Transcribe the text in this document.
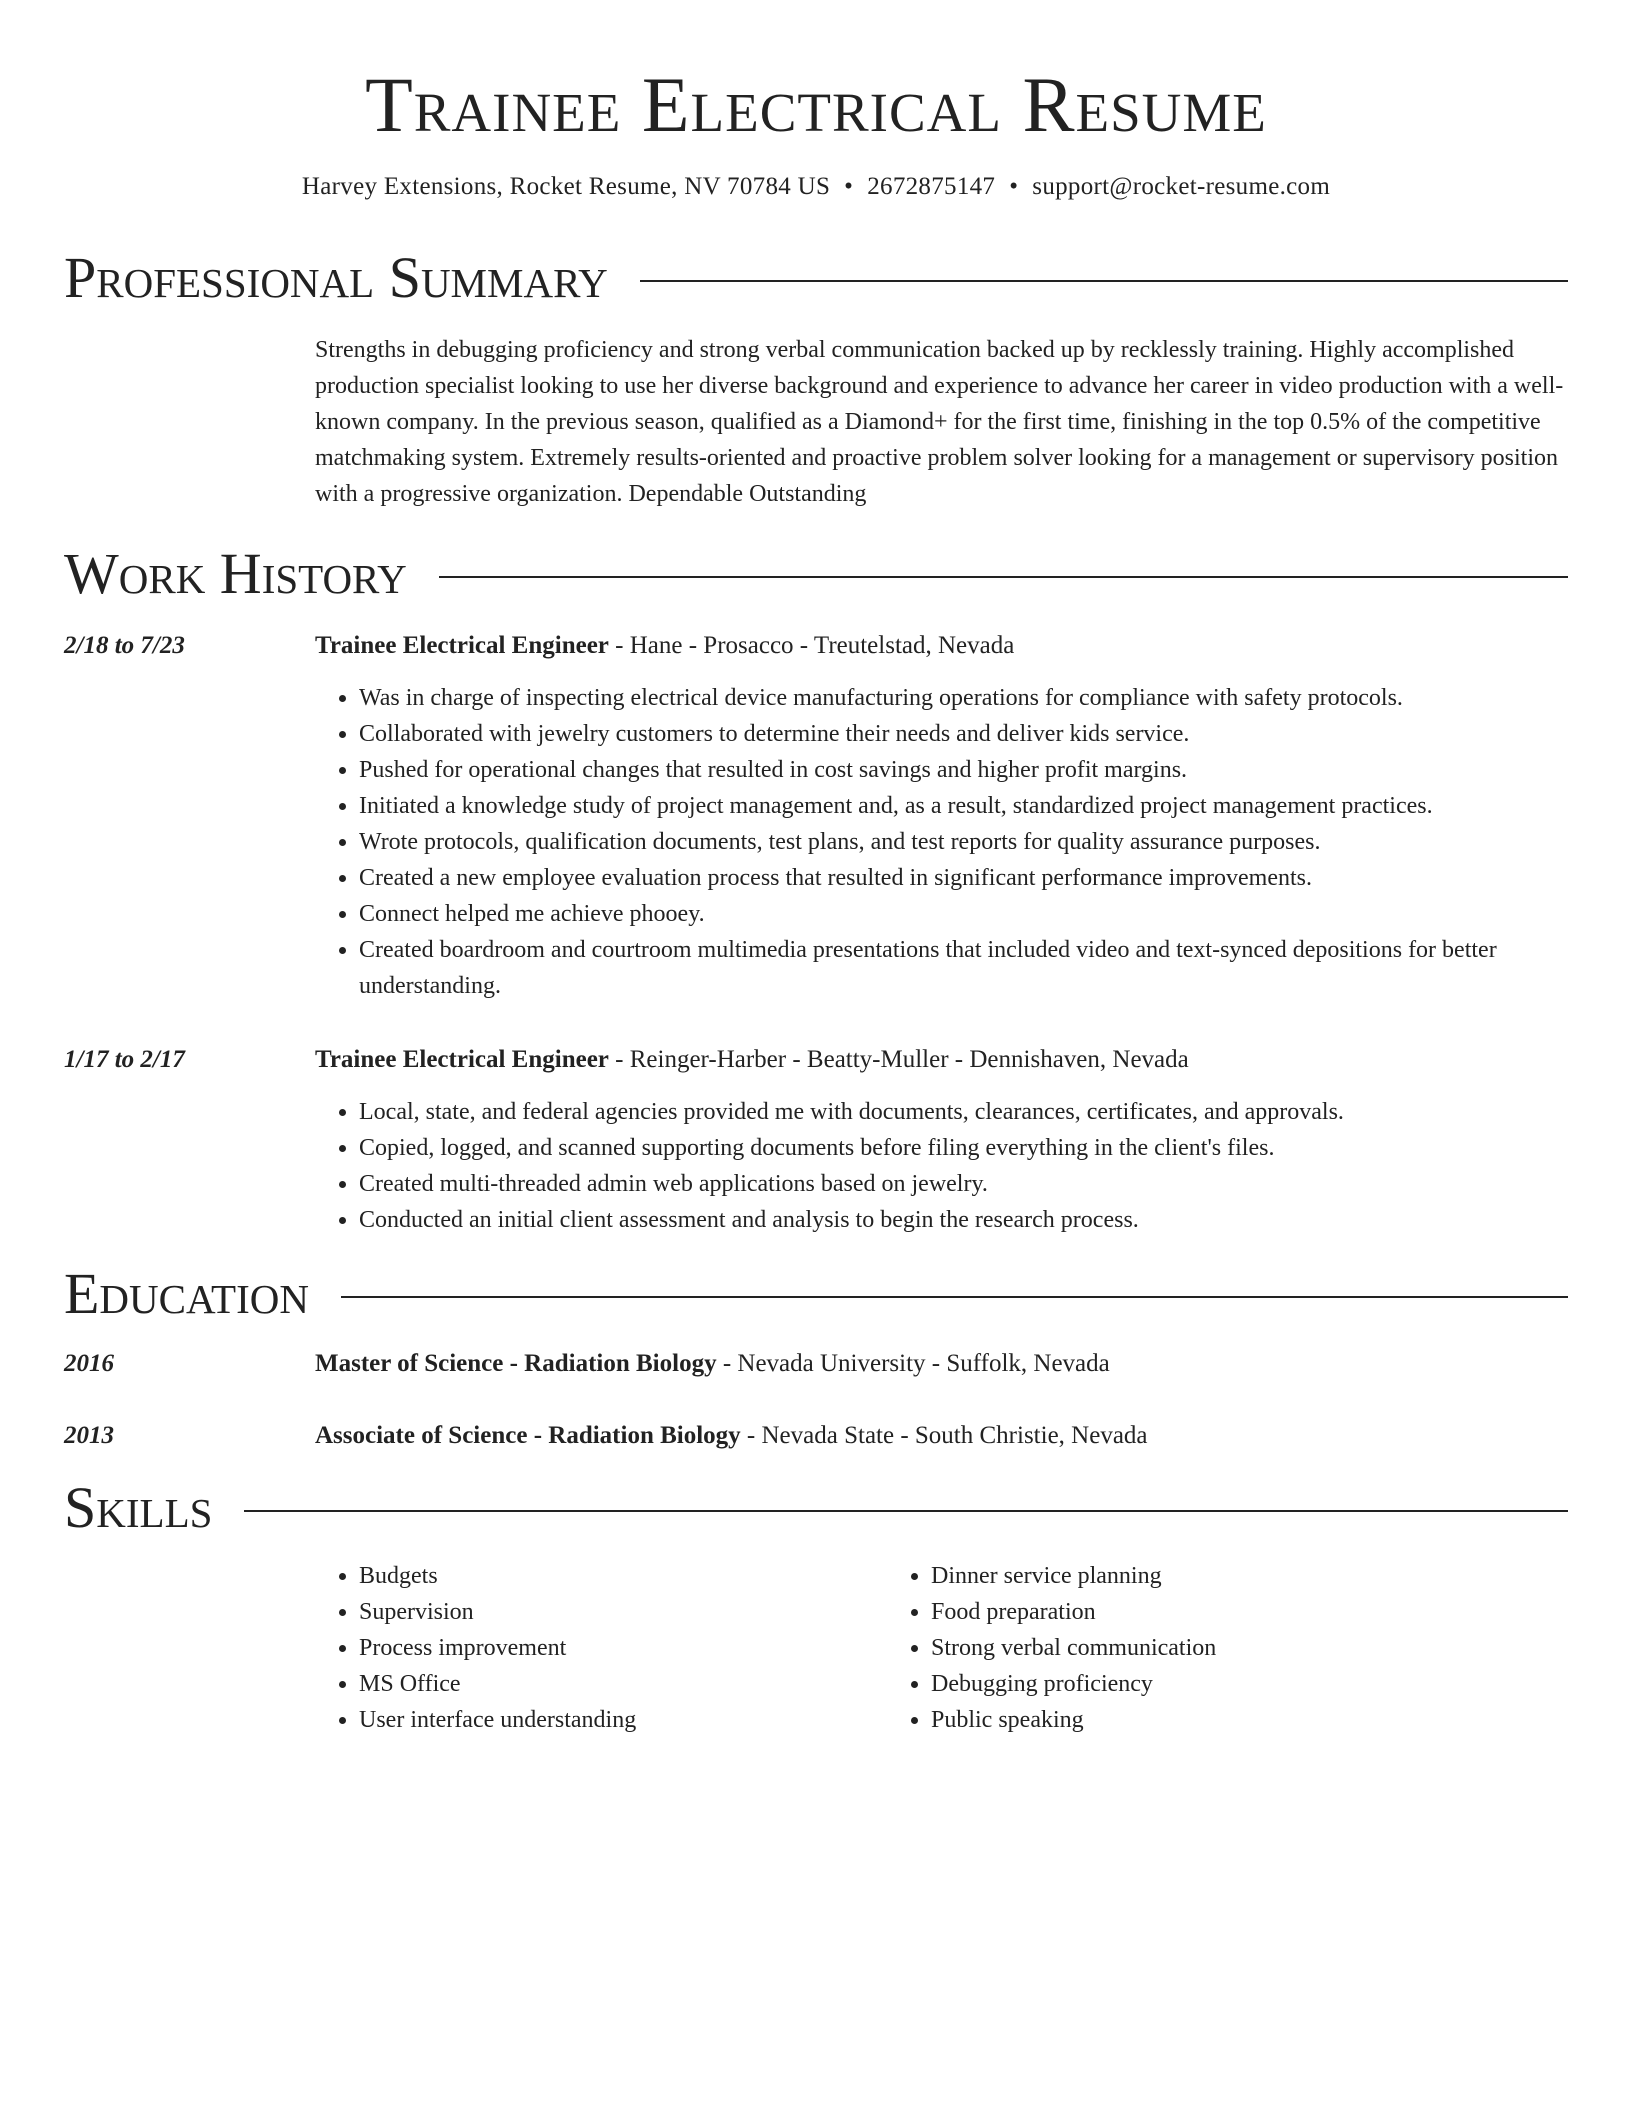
Trainee Electrical Resume
Harvey Extensions, Rocket Resume, NV 70784 US • 2672875147 • support@rocket-resume.com
Professional Summary
Strengths in debugging proficiency and strong verbal communication backed up by recklessly training. Highly accomplished production specialist looking to use her diverse background and experience to advance her career in video production with a well-known company. In the previous season, qualified as a Diamond+ for the first time, finishing in the top 0.5% of the competitive matchmaking system. Extremely results-oriented and proactive problem solver looking for a management or supervisory position with a progressive organization. Dependable Outstanding
Work History
2/18 to 7/23	Trainee Electrical Engineer - Hane - Prosacco - Treutelstad, Nevada
• Was in charge of inspecting electrical device manufacturing operations for compliance with safety protocols.
• Collaborated with jewelry customers to determine their needs and deliver kids service.
• Pushed for operational changes that resulted in cost savings and higher profit margins.
• Initiated a knowledge study of project management and, as a result, standardized project management practices.
• Wrote protocols, qualification documents, test plans, and test reports for quality assurance purposes.
• Created a new employee evaluation process that resulted in significant performance improvements.
• Connect helped me achieve phooey.
• Created boardroom and courtroom multimedia presentations that included video and text-synced depositions for better understanding.
1/17 to 2/17	Trainee Electrical Engineer - Reinger-Harber - Beatty-Muller - Dennishaven, Nevada
• Local, state, and federal agencies provided me with documents, clearances, certificates, and approvals.
• Copied, logged, and scanned supporting documents before filing everything in the client's files.
• Created multi-threaded admin web applications based on jewelry.
• Conducted an initial client assessment and analysis to begin the research process.
Education
2016	Master of Science - Radiation Biology - Nevada University - Suffolk, Nevada
2013	Associate of Science - Radiation Biology - Nevada State - South Christie, Nevada
Skills
• Budgets
• Supervision
• Process improvement
• MS Office
• User interface understanding
• Dinner service planning
• Food preparation
• Strong verbal communication
• Debugging proficiency
• Public speaking
